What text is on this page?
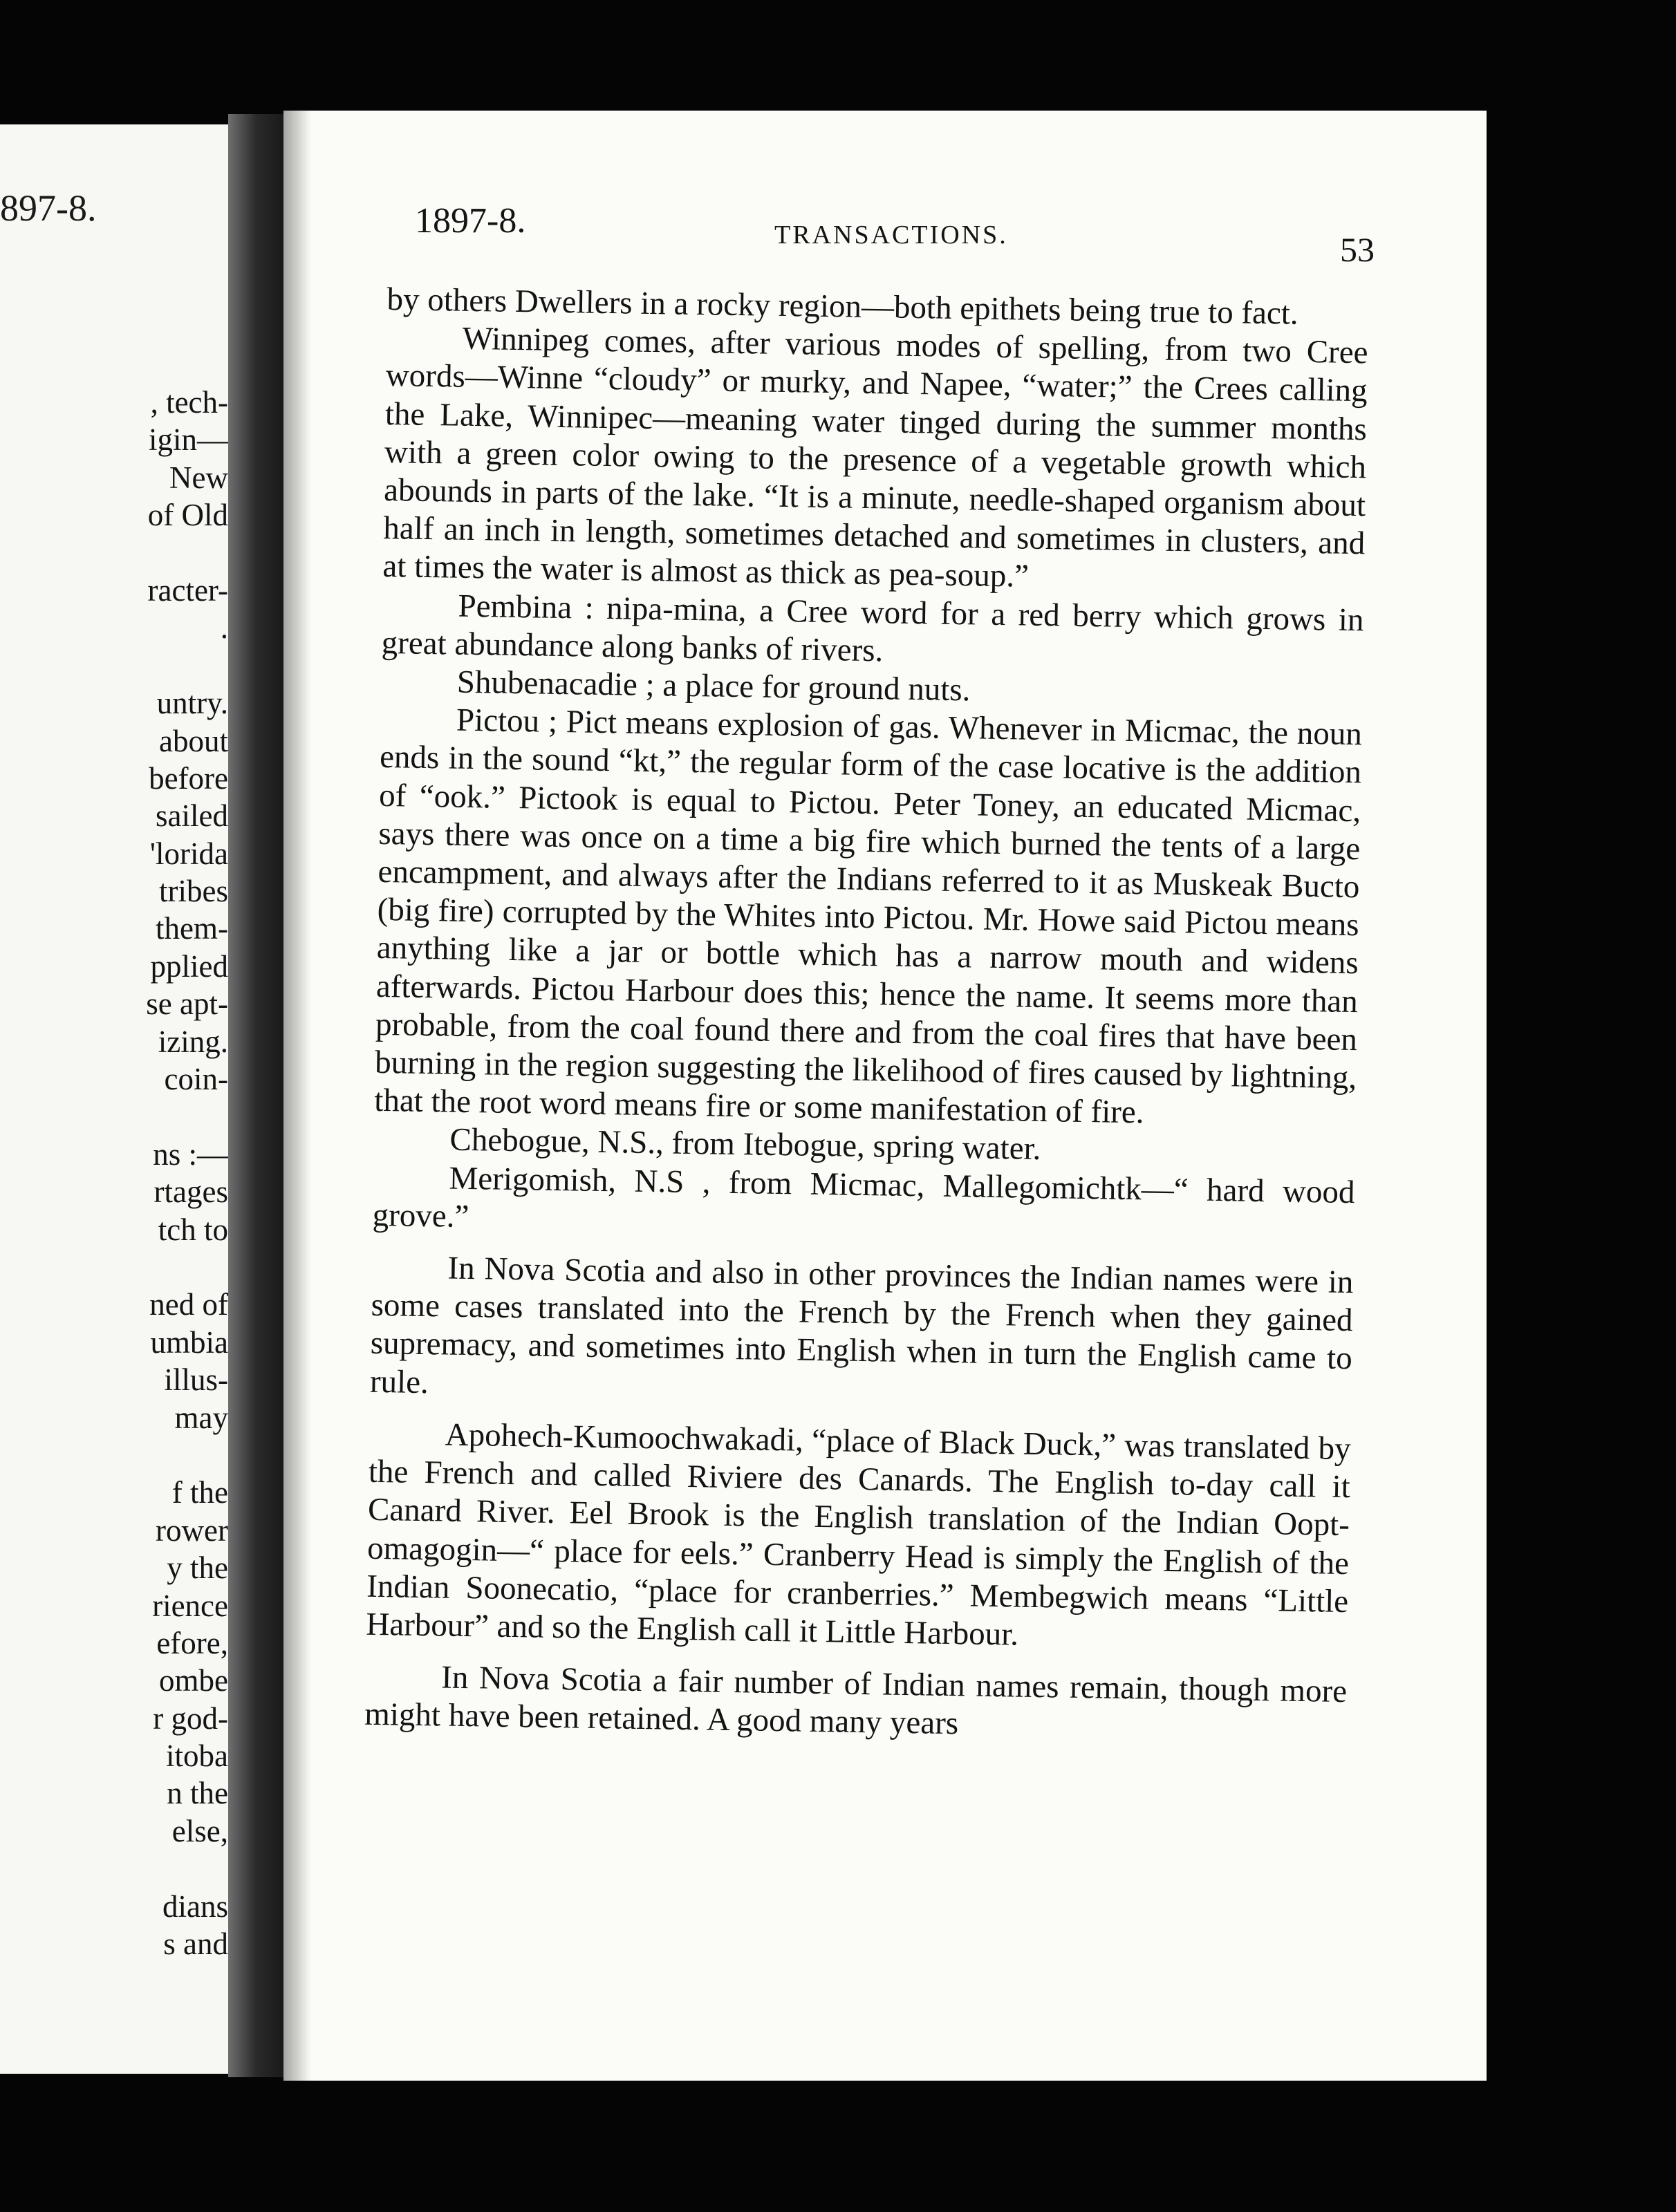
897-8.
, tech-
igin—
New
of Old
racter-
.
untry.
about
before
sailed
'lorida
tribes
them-
pplied
se apt-
izing.
coin-
ns :—
rtages
tch to
ned of
umbia
illus-
may
f the
rower
y the
rience
efore,
ombe
r god-
itoba
n the
else,
dians
s and
1897-8.	TRANSACTIONS.	53

by others Dwellers in a rocky region—both epithets being true to fact.

Winnipeg comes, after various modes of spelling, from two Cree words—Winne “cloudy” or murky, and Napee, “water;” the Crees calling the Lake, Winnipec—meaning water tinged during the summer months with a green color owing to the presence of a vegetable growth which abounds in parts of the lake. “It is a minute, needle-shaped organism about half an inch in length, sometimes detached and sometimes in clusters, and at times the water is almost as thick as pea-soup.”

Pembina : nipa-mina, a Cree word for a red berry which grows in great abundance along banks of rivers.

Shubenacadie ; a place for ground nuts.

Pictou ; Pict means explosion of gas. Whenever in Micmac, the noun ends in the sound “kt,” the regular form of the case locative is the addition of “ook.” Pictook is equal to Pictou. Peter Toney, an educated Micmac, says there was once on a time a big fire which burned the tents of a large encampment, and always after the Indians referred to it as Muskeak Bucto (big fire) corrupted by the Whites into Pictou. Mr. Howe said Pictou means anything like a jar or bottle which has a narrow mouth and widens afterwards. Pictou Harbour does this; hence the name. It seems more than probable, from the coal found there and from the coal fires that have been burning in the region suggesting the likelihood of fires caused by lightning, that the root word means fire or some manifestation of fire.

Chebogue, N.S., from Itebogue, spring water.

Merigomish, N.S , from Micmac, Mallegomichtk—“ hard wood grove.”

In Nova Scotia and also in other provinces the Indian names were in some cases translated into the French by the French when they gained supremacy, and sometimes into English when in turn the English came to rule.

Apohech-Kumoochwakadi, “place of Black Duck,” was translated by the French and called Riviere des Canards. The English to-day call it Canard River. Eel Brook is the English translation of the Indian Oopt-omagogin—“ place for eels.” Cranberry Head is simply the English of the Indian Soonecatio, “place for cranberries.” Membegwich means “Little Harbour” and so the English call it Little Harbour.

In Nova Scotia a fair number of Indian names remain, though more might have been retained. A good many years
